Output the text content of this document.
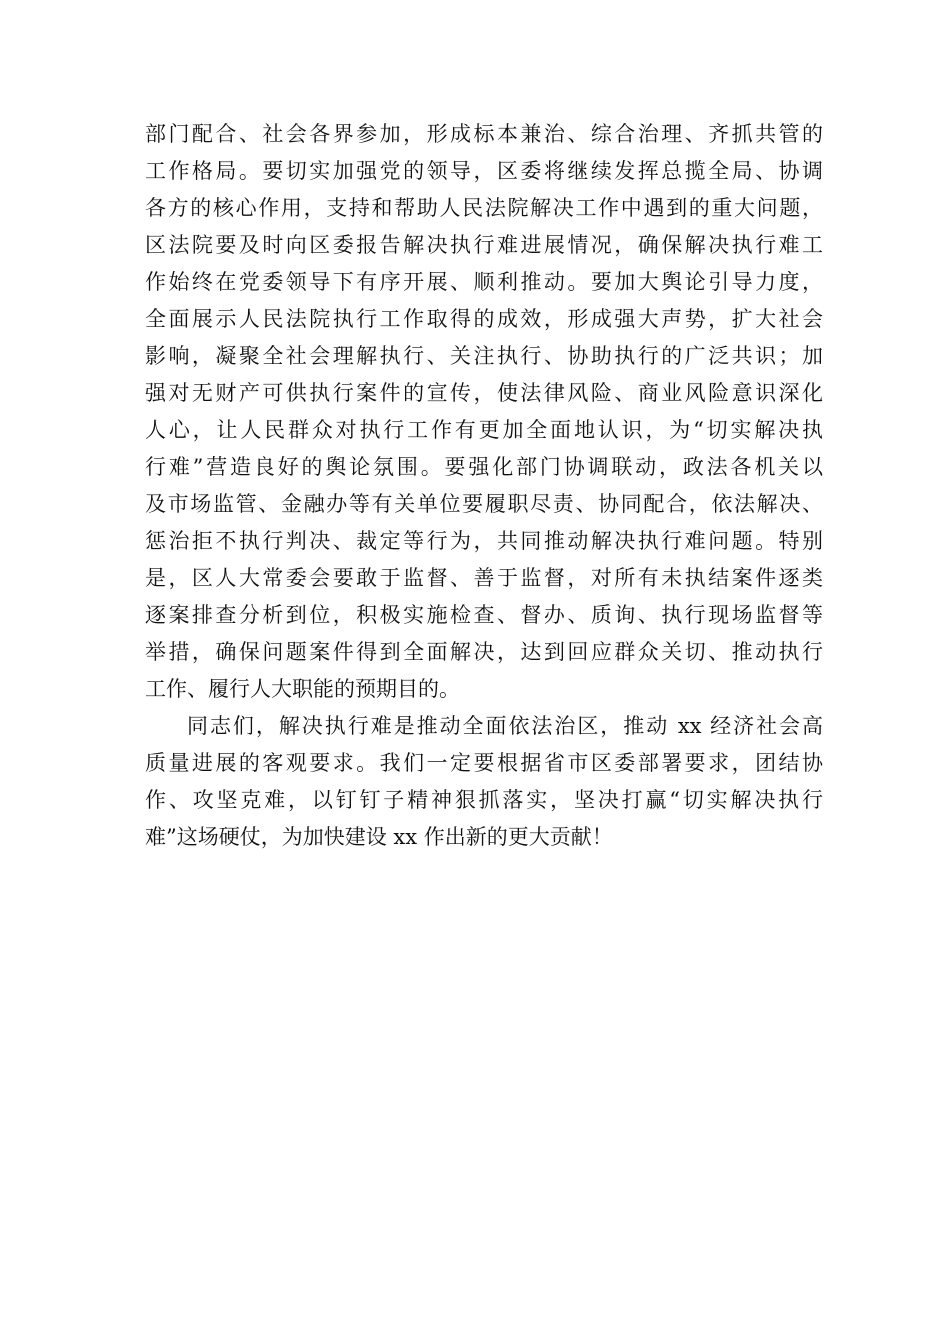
部门配合、社会各界参加，形成标本兼治、综合治理、齐抓共管的
工作格局。要切实加强党的领导，区委将继续发挥总揽全局、协调
各方的核心作用，支持和帮助人民法院解决工作中遇到的重大问题，
区法院要及时向区委报告解决执行难进展情况，确保解决执行难工
作始终在党委领导下有序开展、顺利推动。要加大舆论引导力度，
全面展示人民法院执行工作取得的成效，形成强大声势，扩大社会
影响，凝聚全社会理解执行、关注执行、协助执行的广泛共识；加
强对无财产可供执行案件的宣传，使法律风险、商业风险意识深化
人心，让人民群众对执行工作有更加全面地认识，为“切实解决执
行难”营造良好的舆论氛围。要强化部门协调联动，政法各机关以
及市场监管、金融办等有关单位要履职尽责、协同配合，依法解决、
惩治拒不执行判决、裁定等行为，共同推动解决执行难问题。特别
是，区人大常委会要敢于监督、善于监督，对所有未执结案件逐类
逐案排查分析到位，积极实施检查、督办、质询、执行现场监督等
举措，确保问题案件得到全面解决，达到回应群众关切、推动执行
工作、履行人大职能的预期目的。
同志们，解决执行难是推动全面依法治区，推动 xx 经济社会高
质量进展的客观要求。我们一定要根据省市区委部署要求，团结协
作、攻坚克难，以钉钉子精神狠抓落实，坚决打赢“切实解决执行
难”这场硬仗，为加快建设 xx 作出新的更大贡献！
